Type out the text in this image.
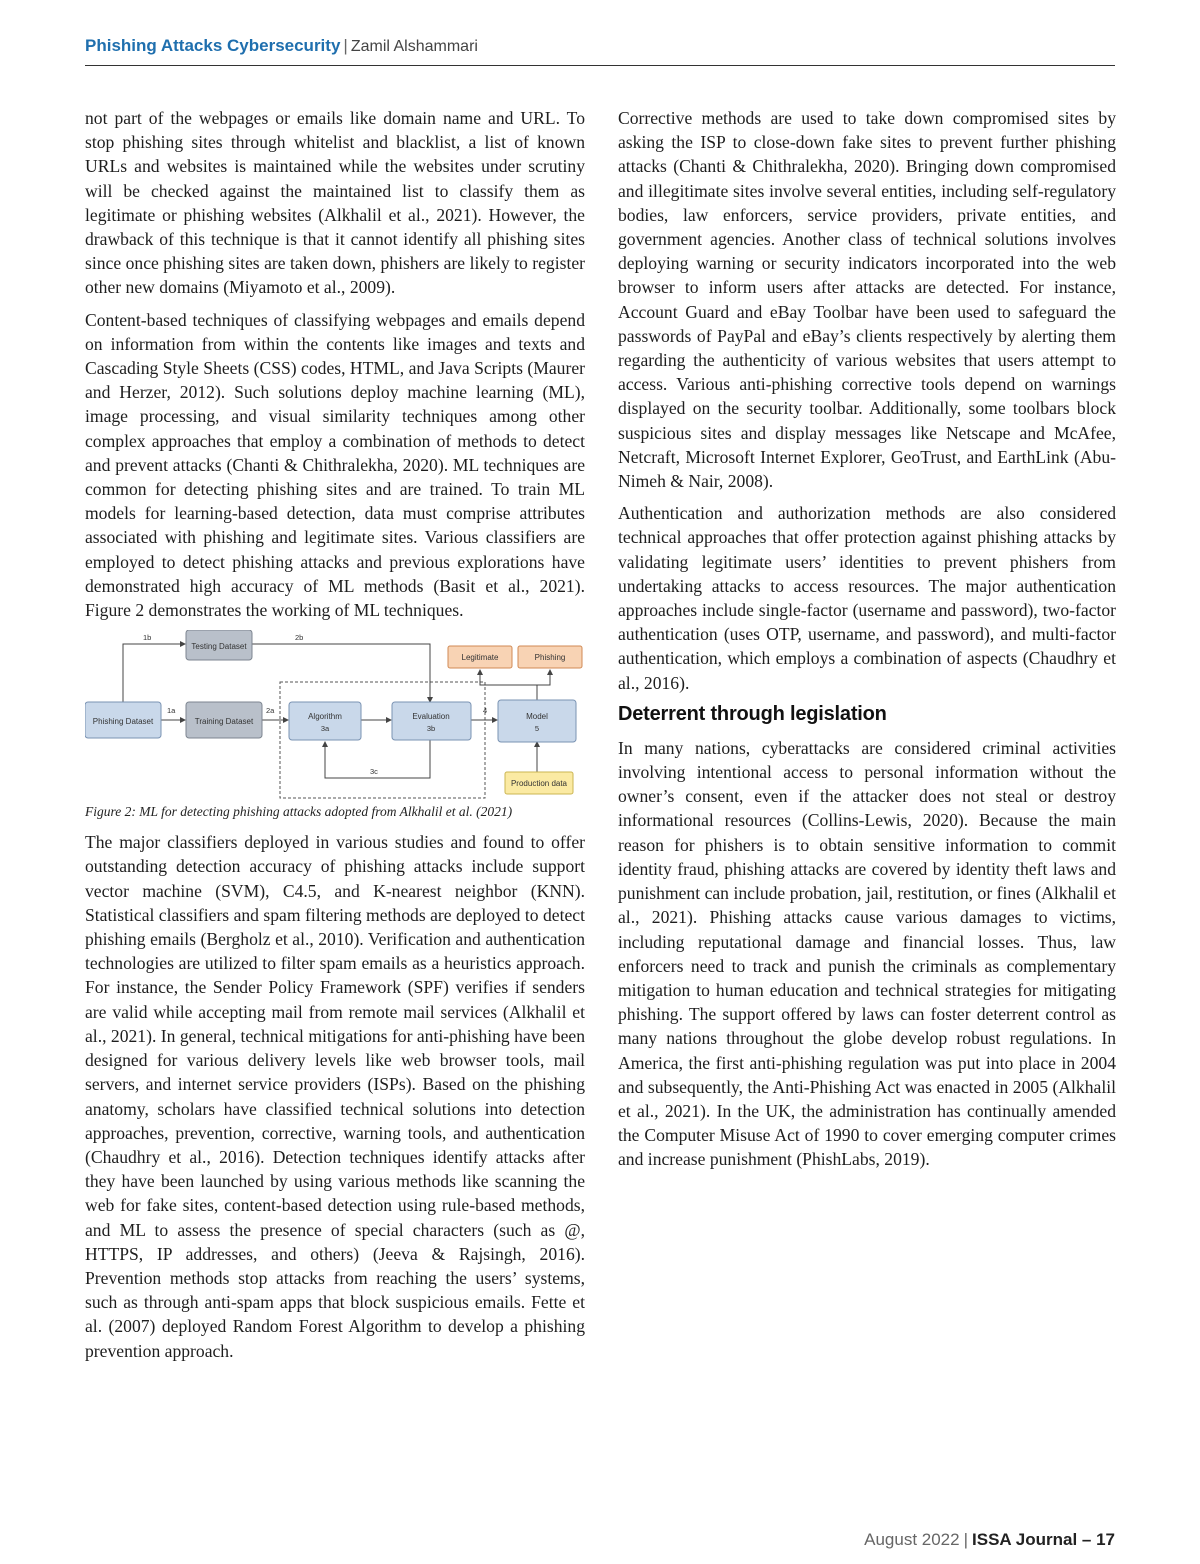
Phishing Attacks Cybersecurity | Zamil Alshammari

not part of the webpages or emails like domain name and URL. To stop phishing sites through whitelist and blacklist, a list of known URLs and websites is maintained while the websites under scrutiny will be checked against the maintained list to classify them as legitimate or phishing websites (Alkhalil et al., 2021). However, the drawback of this technique is that it cannot identify all phishing sites since once phishing sites are taken down, phishers are likely to register other new domains (Miyamoto et al., 2009).

Content-based techniques of classifying webpages and emails depend on information from within the contents like images and texts and Cascading Style Sheets (CSS) codes, HTML, and Java Scripts (Maurer and Herzer, 2012). Such solutions deploy machine learning (ML), image processing, and visual similarity techniques among other complex approaches that employ a combination of methods to detect and prevent attacks (Chanti & Chithralekha, 2020). ML techniques are common for detecting phishing sites and are trained. To train ML models for learning-based detection, data must comprise attributes associated with phishing and legitimate sites. Various classifiers are employed to detect phishing attacks and previous explorations have demonstrated high accuracy of ML methods (Basit et al., 2021). Figure 2 demonstrates the working of ML techniques.

1b	2b
1a	2a	4
3c
Testing Dataset
Phishing Dataset	Training Dataset
Algorithm
3a
Evaluation
3b
Model
5
Legitimate	Phishing
Production data

Figure 2: ML for detecting phishing attacks adopted from Alkhalil et al. (2021)

The major classifiers deployed in various studies and found to offer outstanding detection accuracy of phishing attacks include support vector machine (SVM), C4.5, and K-nearest neighbor (KNN). Statistical classifiers and spam filtering methods are deployed to detect phishing emails (Bergholz et al., 2010). Verification and authentication technologies are utilized to filter spam emails as a heuristics approach. For instance, the Sender Policy Framework (SPF) verifies if senders are valid while accepting mail from remote mail services (Alkhalil et al., 2021). In general, technical mitigations for anti-phishing have been designed for various delivery levels like web browser tools, mail servers, and internet service providers (ISPs). Based on the phishing anatomy, scholars have classified technical solutions into detection approaches, prevention, corrective, warning tools, and authentication (Chaudhry et al., 2016). Detection techniques identify attacks after they have been launched by using various methods like scanning the web for fake sites, content-based detection using rule-based methods, and ML to assess the presence of special characters (such as @, HTTPS, IP addresses, and others) (Jeeva & Rajsingh, 2016). Prevention methods stop attacks from reaching the users’ systems, such as through anti-spam apps that block suspicious emails. Fette et al. (2007) deployed Random Forest Algorithm to develop a phishing prevention approach.

Corrective methods are used to take down compromised sites by asking the ISP to close-down fake sites to prevent further phishing attacks (Chanti & Chithralekha, 2020). Bringing down compromised and illegitimate sites involve several entities, including self-regulatory bodies, law enforcers, service providers, private entities, and government agencies. Another class of technical solutions involves deploying warning or security indicators incorporated into the web browser to inform users after attacks are detected. For instance, Account Guard and eBay Toolbar have been used to safeguard the passwords of PayPal and eBay’s clients respectively by alerting them regarding the authenticity of various websites that users attempt to access. Various anti-phishing corrective tools depend on warnings displayed on the security toolbar. Additionally, some toolbars block suspicious sites and display messages like Netscape and McAfee, Netcraft, Microsoft Internet Explorer, GeoTrust, and EarthLink (Abu-Nimeh & Nair, 2008).

Authentication and authorization methods are also considered technical approaches that offer protection against phishing attacks by validating legitimate users’ identities to prevent phishers from undertaking attacks to access resources. The major authentication approaches include single-factor (username and password), two-factor authentication (uses OTP, username, and password), and multi-factor authentication, which employs a combination of aspects (Chaudhry et al., 2016).

Deterrent through legislation

In many nations, cyberattacks are considered criminal activities involving intentional access to personal information without the owner’s consent, even if the attacker does not steal or destroy informational resources (Collins-Lewis, 2020). Because the main reason for phishers is to obtain sensitive information to commit identity fraud, phishing attacks are covered by identity theft laws and punishment can include probation, jail, restitution, or fines (Alkhalil et al., 2021). Phishing attacks cause various damages to victims, including reputational damage and financial losses. Thus, law enforcers need to track and punish the criminals as complementary mitigation to human education and technical strategies for mitigating phishing. The support offered by laws can foster deterrent control as many nations throughout the globe develop robust regulations. In America, the first anti-phishing regulation was put into place in 2004 and subsequently, the Anti-Phishing Act was enacted in 2005 (Alkhalil et al., 2021). In the UK, the administration has continually amended the Computer Misuse Act of 1990 to cover emerging computer crimes and increase punishment (PhishLabs, 2019).

August 2022 | ISSA Journal – 17
